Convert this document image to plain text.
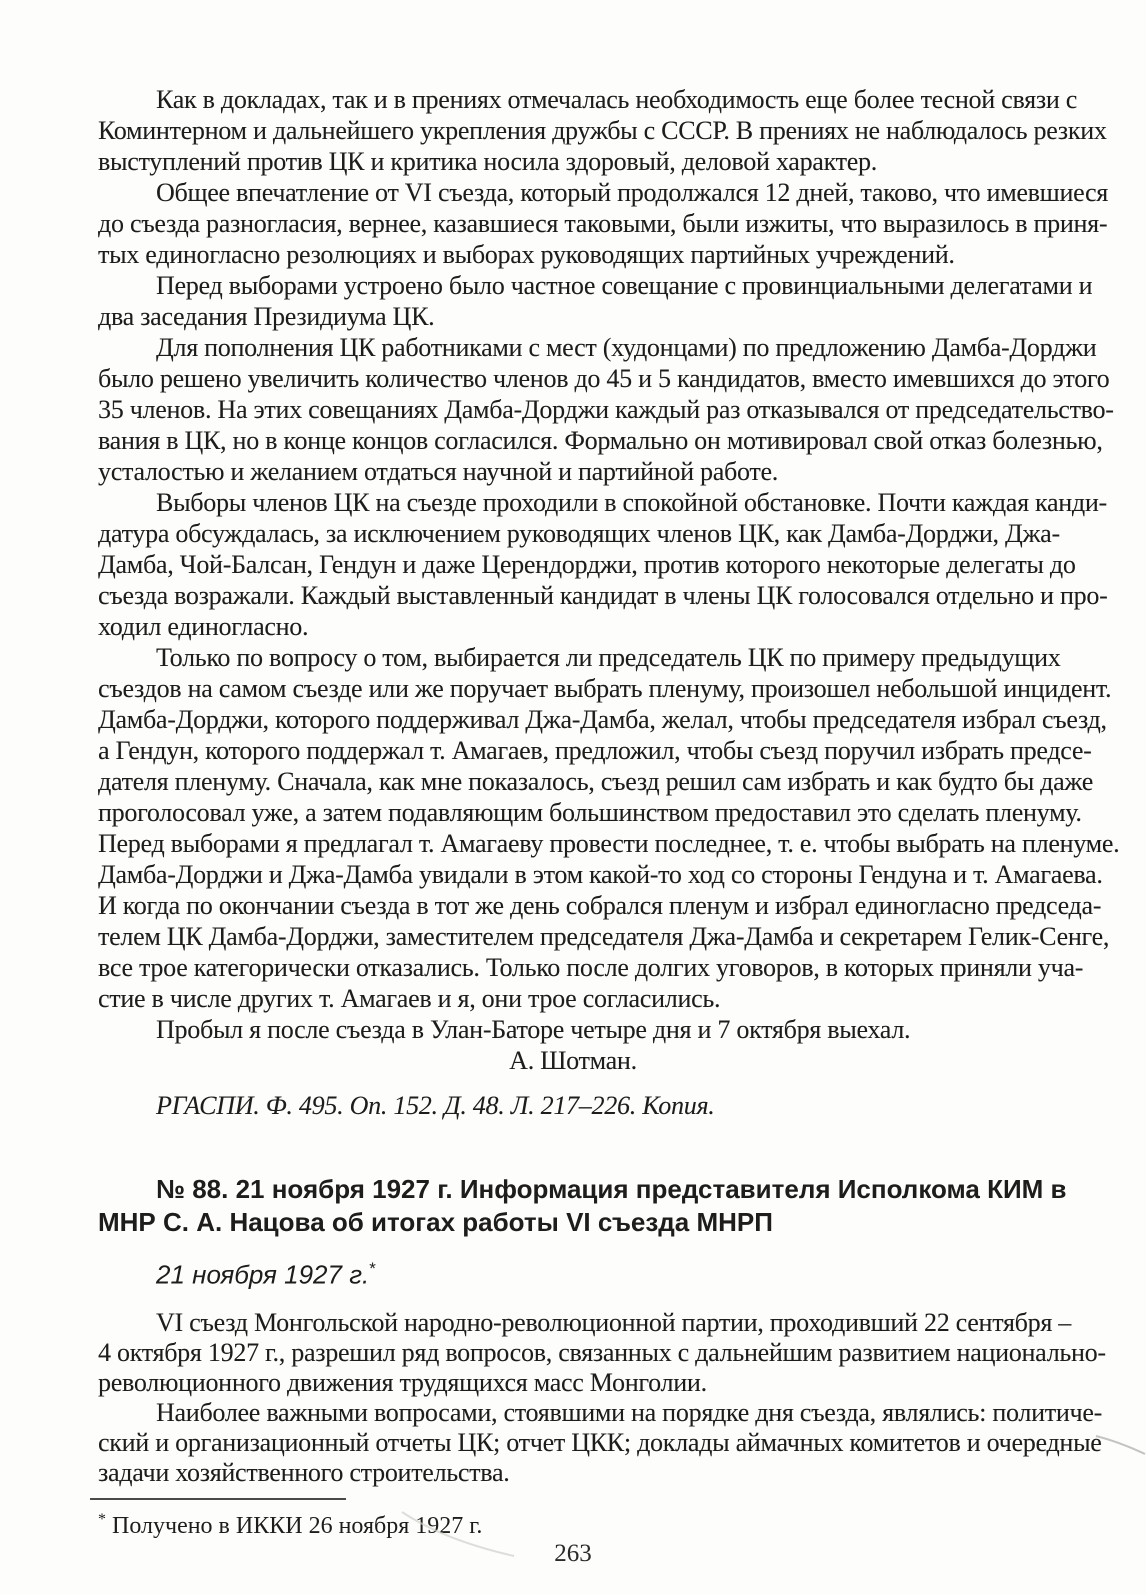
Как в докладах, так и в прениях отмечалась необходимость еще более тесной связи с
Коминтерном и дальнейшего укрепления дружбы с СССР. В прениях не наблюдалось резких
выступлений против ЦК и критика носила здоровый, деловой характер.
Общее впечатление от VI съезда, который продолжался 12 дней, таково, что имевшиеся
до съезда разногласия, вернее, казавшиеся таковыми, были изжиты, что выразилось в приня-
тых единогласно резолюциях и выборах руководящих партийных учреждений.
Перед выборами устроено было частное совещание с провинциальными делегатами и
два заседания Президиума ЦК.
Для пополнения ЦК работниками с мест (худонцами) по предложению Дамба-Дорджи
было решено увеличить количество членов до 45 и 5 кандидатов, вместо имевшихся до этого
35 членов. На этих совещаниях Дамба-Дорджи каждый раз отказывался от председательство-
вания в ЦК, но в конце концов согласился. Формально он мотивировал свой отказ болезнью,
усталостью и желанием отдаться научной и партийной работе.
Выборы членов ЦК на съезде проходили в спокойной обстановке. Почти каждая канди-
датура обсуждалась, за исключением руководящих членов ЦК, как Дамба-Дорджи, Джа-
Дамба, Чой-Балсан, Гендун и даже Церендорджи, против которого некоторые делегаты до
съезда возражали. Каждый выставленный кандидат в члены ЦК голосовался отдельно и про-
ходил единогласно.
Только по вопросу о том, выбирается ли председатель ЦК по примеру предыдущих
съездов на самом съезде или же поручает выбрать пленуму, произошел небольшой инцидент.
Дамба-Дорджи, которого поддерживал Джа-Дамба, желал, чтобы председателя избрал съезд,
а Гендун, которого поддержал т. Амагаев, предложил, чтобы съезд поручил избрать предсе-
дателя пленуму. Сначала, как мне показалось, съезд решил сам избрать и как будто бы даже
проголосовал уже, а затем подавляющим большинством предоставил это сделать пленуму.
Перед выборами я предлагал т. Амагаеву провести последнее, т. е. чтобы выбрать на пленуме.
Дамба-Дорджи и Джа-Дамба увидали в этом какой-то ход со стороны Гендуна и т. Амагаева.
И когда по окончании съезда в тот же день собрался пленум и избрал единогласно председа-
телем ЦК Дамба-Дорджи, заместителем председателя Джа-Дамба и секретарем Гелик-Сенге,
все трое категорически отказались. Только после долгих уговоров, в которых приняли уча-
стие в числе других т. Амагаев и я, они трое согласились.
Пробыл я после съезда в Улан-Баторе четыре дня и 7 октября выехал.
А. Шотман.
РГАСПИ. Ф. 495. Оп. 152. Д. 48. Л. 217–226. Копия.
№ 88. 21 ноября 1927 г. Информация представителя Исполкома КИМ в
МНР С. А. Нацова об итогах работы VI съезда МНРП
21 ноября 1927 г.*
VI съезд Монгольской народно-революционной партии, проходивший 22 сентября –
4 октября 1927 г., разрешил ряд вопросов, связанных с дальнейшим развитием национально-
революционного движения трудящихся масс Монголии.
Наиболее важными вопросами, стоявшими на порядке дня съезда, являлись: политиче-
ский и организационный отчеты ЦК; отчет ЦКК; доклады аймачных комитетов и очередные
задачи хозяйственного строительства.
* Получено в ИККИ 26 ноября 1927 г.
263
